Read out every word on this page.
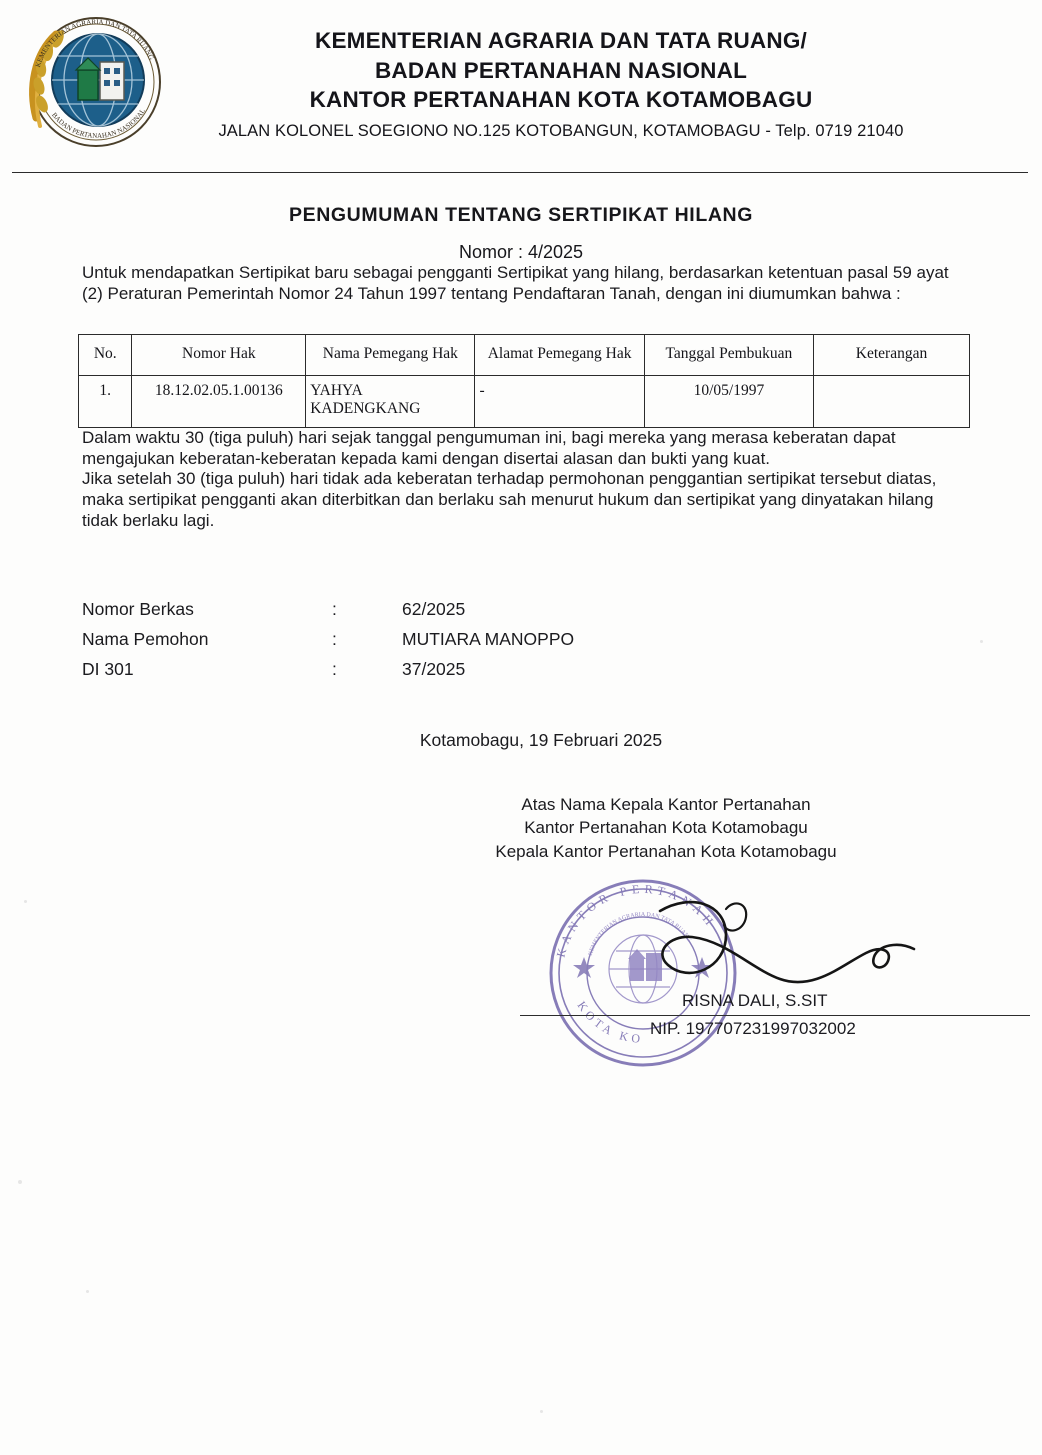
KEMENTERIAN AGRARIA DAN TATA RUANG
BADAN PERTANAHAN NASIONAL
KEMENTERIAN AGRARIA DAN TATA RUANG/
BADAN PERTANAHAN NASIONAL
KANTOR PERTANAHAN KOTA KOTAMOBAGU
JALAN KOLONEL SOEGIONO NO.125 KOTOBANGUN, KOTAMOBAGU - Telp. 0719 21040
PENGUMUMAN TENTANG SERTIPIKAT HILANG
Nomor : 4/2025

Untuk mendapatkan Sertipikat baru sebagai pengganti Sertipikat yang hilang, berdasarkan ketentuan pasal 59 ayat (2) Peraturan Pemerintah Nomor 24 Tahun 1997 tentang Pendaftaran Tanah, dengan ini diumumkan bahwa :

No.	Nomor Hak	Nama Pemegang Hak	Alamat Pemegang Hak	Tanggal Pembukuan	Keterangan
1.	18.12.02.05.1.00136	YAHYA KADENGKANG	-	10/05/1997	

Dalam waktu 30 (tiga puluh) hari sejak tanggal pengumuman ini, bagi mereka yang merasa keberatan dapat mengajukan keberatan-keberatan kepada kami dengan disertai alasan dan bukti yang kuat.

Jika setelah 30 (tiga puluh) hari tidak ada keberatan terhadap permohonan penggantian sertipikat tersebut diatas, maka sertipikat pengganti akan diterbitkan dan berlaku sah menurut hukum dan sertipikat yang dinyatakan hilang tidak berlaku lagi.

Nomor Berkas	:	62/2025
Nama Pemohon	:	MUTIARA MANOPPO
DI 301	:	37/2025
Kotamobagu, 19 Februari 2025
Atas Nama Kepala Kantor Pertanahan
Kantor Pertanahan Kota Kotamobagu
Kepala Kantor Pertanahan Kota Kotamobagu
KANTOR PERTANAH
KOTA KO
KEMENTERIAN AGRARIA DAN TATA RUANG
RISNA DALI, S.SIT
NIP. 197707231997032002
